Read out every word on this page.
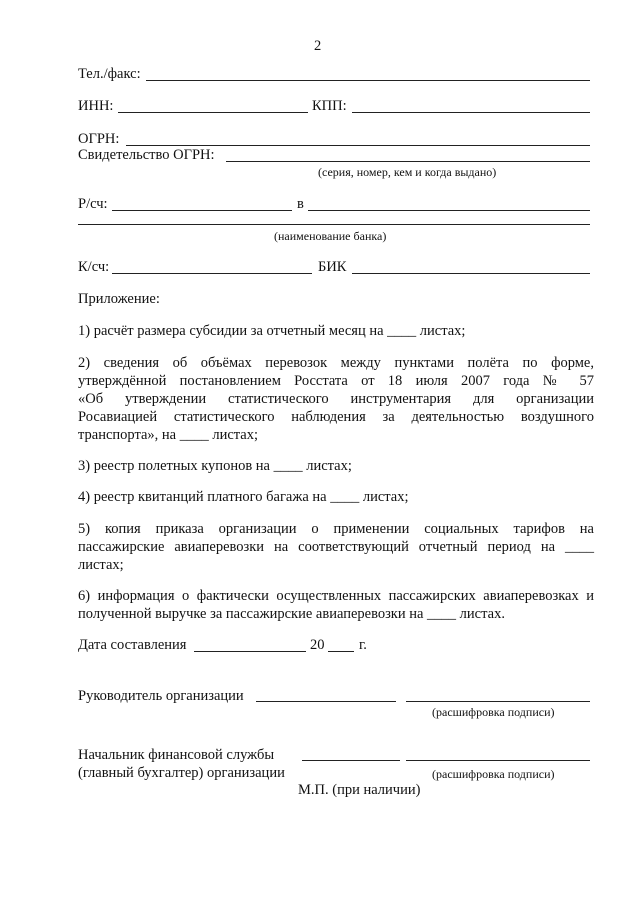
2
Тел./факс:
ИНН:	КПП:
ОГРН:
Свидетельство ОГРН:
(серия, номер, кем и когда выдано)
Р/сч:	в
(наименование банка)
К/сч:	БИК
Приложение:
1) расчёт размера субсидии за отчетный месяц на ____ листах;
2) сведения об объёмах перевозок между пунктами полёта по форме,
утверждённой постановлением Росстата от 18 июля 2007 года № 57
«Об утверждении статистического инструментария для организации
Росавиацией статистического наблюдения за деятельностью воздушного
транспорта», на ____ листах;
3) реестр полетных купонов на ____ листах;
4) реестр квитанций платного багажа на ____ листах;
5) копия приказа организации о применении социальных тарифов на
пассажирские авиаперевозки на соответствующий отчетный период на ____
листах;
6) информация о фактически осуществленных пассажирских авиаперевозках и
полученной выручке за пассажирские авиаперевозки на ____ листах.
Дата составления	20 г.
Руководитель организации
(расшифровка подписи)
Начальник финансовой службы
(главный бухгалтер) организации	(расшифровка подписи)
М.П. (при наличии)
